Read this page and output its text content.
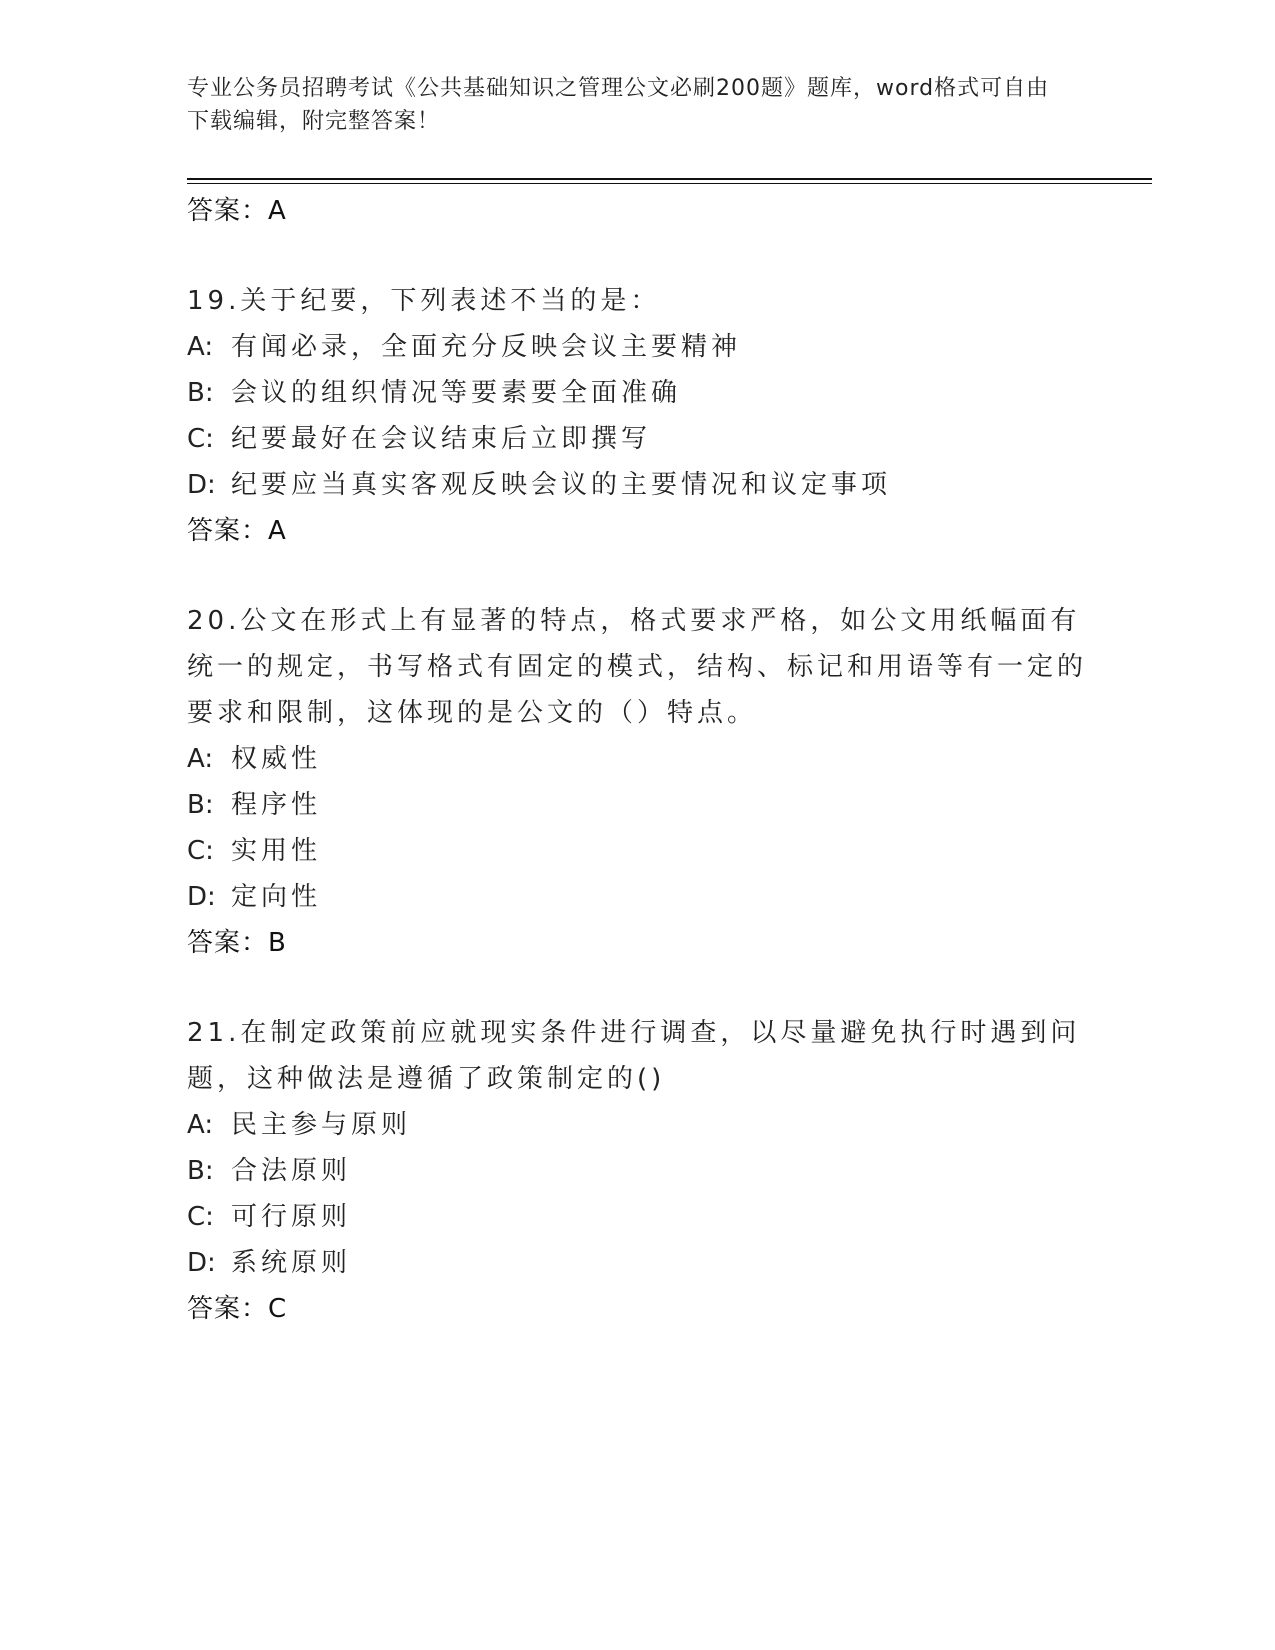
专业公务员招聘考试《公共基础知识之管理公文必刷200题》题库，word格式可自由下载编辑，附完整答案！
答案：A
19.关于纪要，下列表述不当的是：
A: 有闻必录，全面充分反映会议主要精神
B: 会议的组织情况等要素要全面准确
C: 纪要最好在会议结束后立即撰写
D: 纪要应当真实客观反映会议的主要情况和议定事项
答案：A
20.公文在形式上有显著的特点，格式要求严格，如公文用纸幅面有统一的规定，书写格式有固定的模式，结构、标记和用语等有一定的要求和限制，这体现的是公文的（）特点。
A: 权威性
B: 程序性
C: 实用性
D: 定向性
答案：B
21.在制定政策前应就现实条件进行调查，以尽量避免执行时遇到问题，这种做法是遵循了政策制定的()
A: 民主参与原则
B: 合法原则
C: 可行原则
D: 系统原则
答案：C
